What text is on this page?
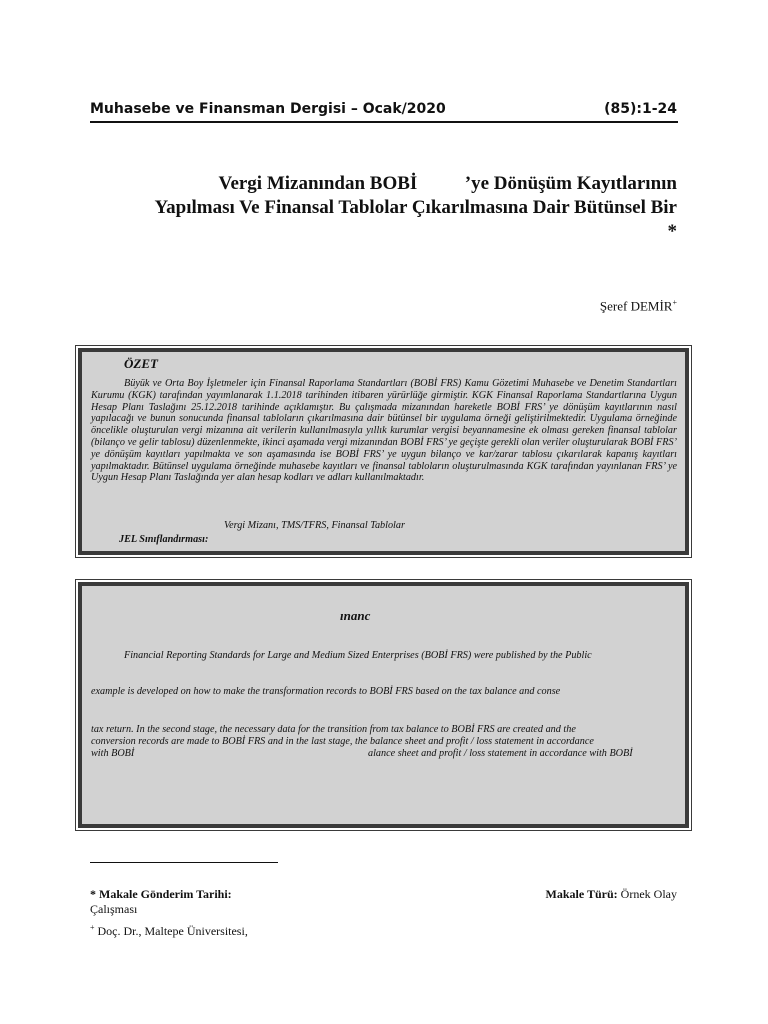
Muhasebe ve Finansman Dergisi – Ocak/2020	(85):1-24
Vergi Mizanından BOBİ          ’ye Dönüşüm Kayıtlarının
Yapılması Ve Finansal Tablolar Çıkarılmasına Dair Bütünsel Bir
*
Şeref DEMİR+
ÖZET
Büyük ve Orta Boy İşletmeler için Finansal Raporlama Standartları (BOBİ FRS) Kamu Gözetimi Muhasebe ve Denetim Standartları Kurumu (KGK) tarafından yayımlanarak 1.1.2018 tarihinden itibaren yürürlüğe girmiştir. KGK Finansal Raporlama Standartlarına Uygun Hesap Planı Taslağını 25.12.2018 tarihinde açıklamıştır. Bu çalışmada mizanından hareketle BOBİ FRS’ ye dönüşüm kayıtlarının nasıl yapılacağı ve bunun sonucunda finansal tabloların çıkarılmasına dair bütünsel bir uygulama örneği geliştirilmektedir. Uygulama örneğinde öncelikle oluşturulan vergi mizanına ait verilerin kullanılmasıyla yıllık kurumlar vergisi beyannamesine ek olması gereken finansal tablolar (bilanço ve gelir tablosu) düzenlenmekte, ikinci aşamada vergi mizanından BOBİ FRS’ ye geçişte gerekli olan veriler oluşturularak BOBİ FRS’ ye dönüşüm kayıtları yapılmakta ve son aşamasında ise BOBİ FRS’ ye uygun bilanço ve kar/zarar tablosu çıkarılarak kapanış kayıtları yapılmaktadır. Bütünsel uygulama örneğinde muhasebe kayıtları ve finansal tabloların oluşturulmasında KGK tarafından yayınlanan FRS’ ye Uygun Hesap Planı Taslağında yer alan hesap kodları ve adları kullanılmaktadır.
Vergi Mizanı, TMS/TFRS, Finansal Tablolar
JEL Sınıflandırması:
ınanc
Financial Reporting Standards for Large and Medium Sized Enterprises (BOBİ FRS) were published by the Public
example is developed on how to make the transformation records to BOBİ FRS based on the tax balance and conse
tax return. In the second stage, the necessary data for the transition from tax balance to BOBİ FRS are created and the
conversion records are made to BOBİ FRS and in the last stage, the balance sheet and profit / loss statement in accordance
with BOBİ	alance sheet and profit / loss statement in accordance with BOBİ
* Makale Gönderim Tarihi:	Makale Türü: Örnek Olay
Çalışması
+ Doç. Dr., Maltepe Üniversitesi,
